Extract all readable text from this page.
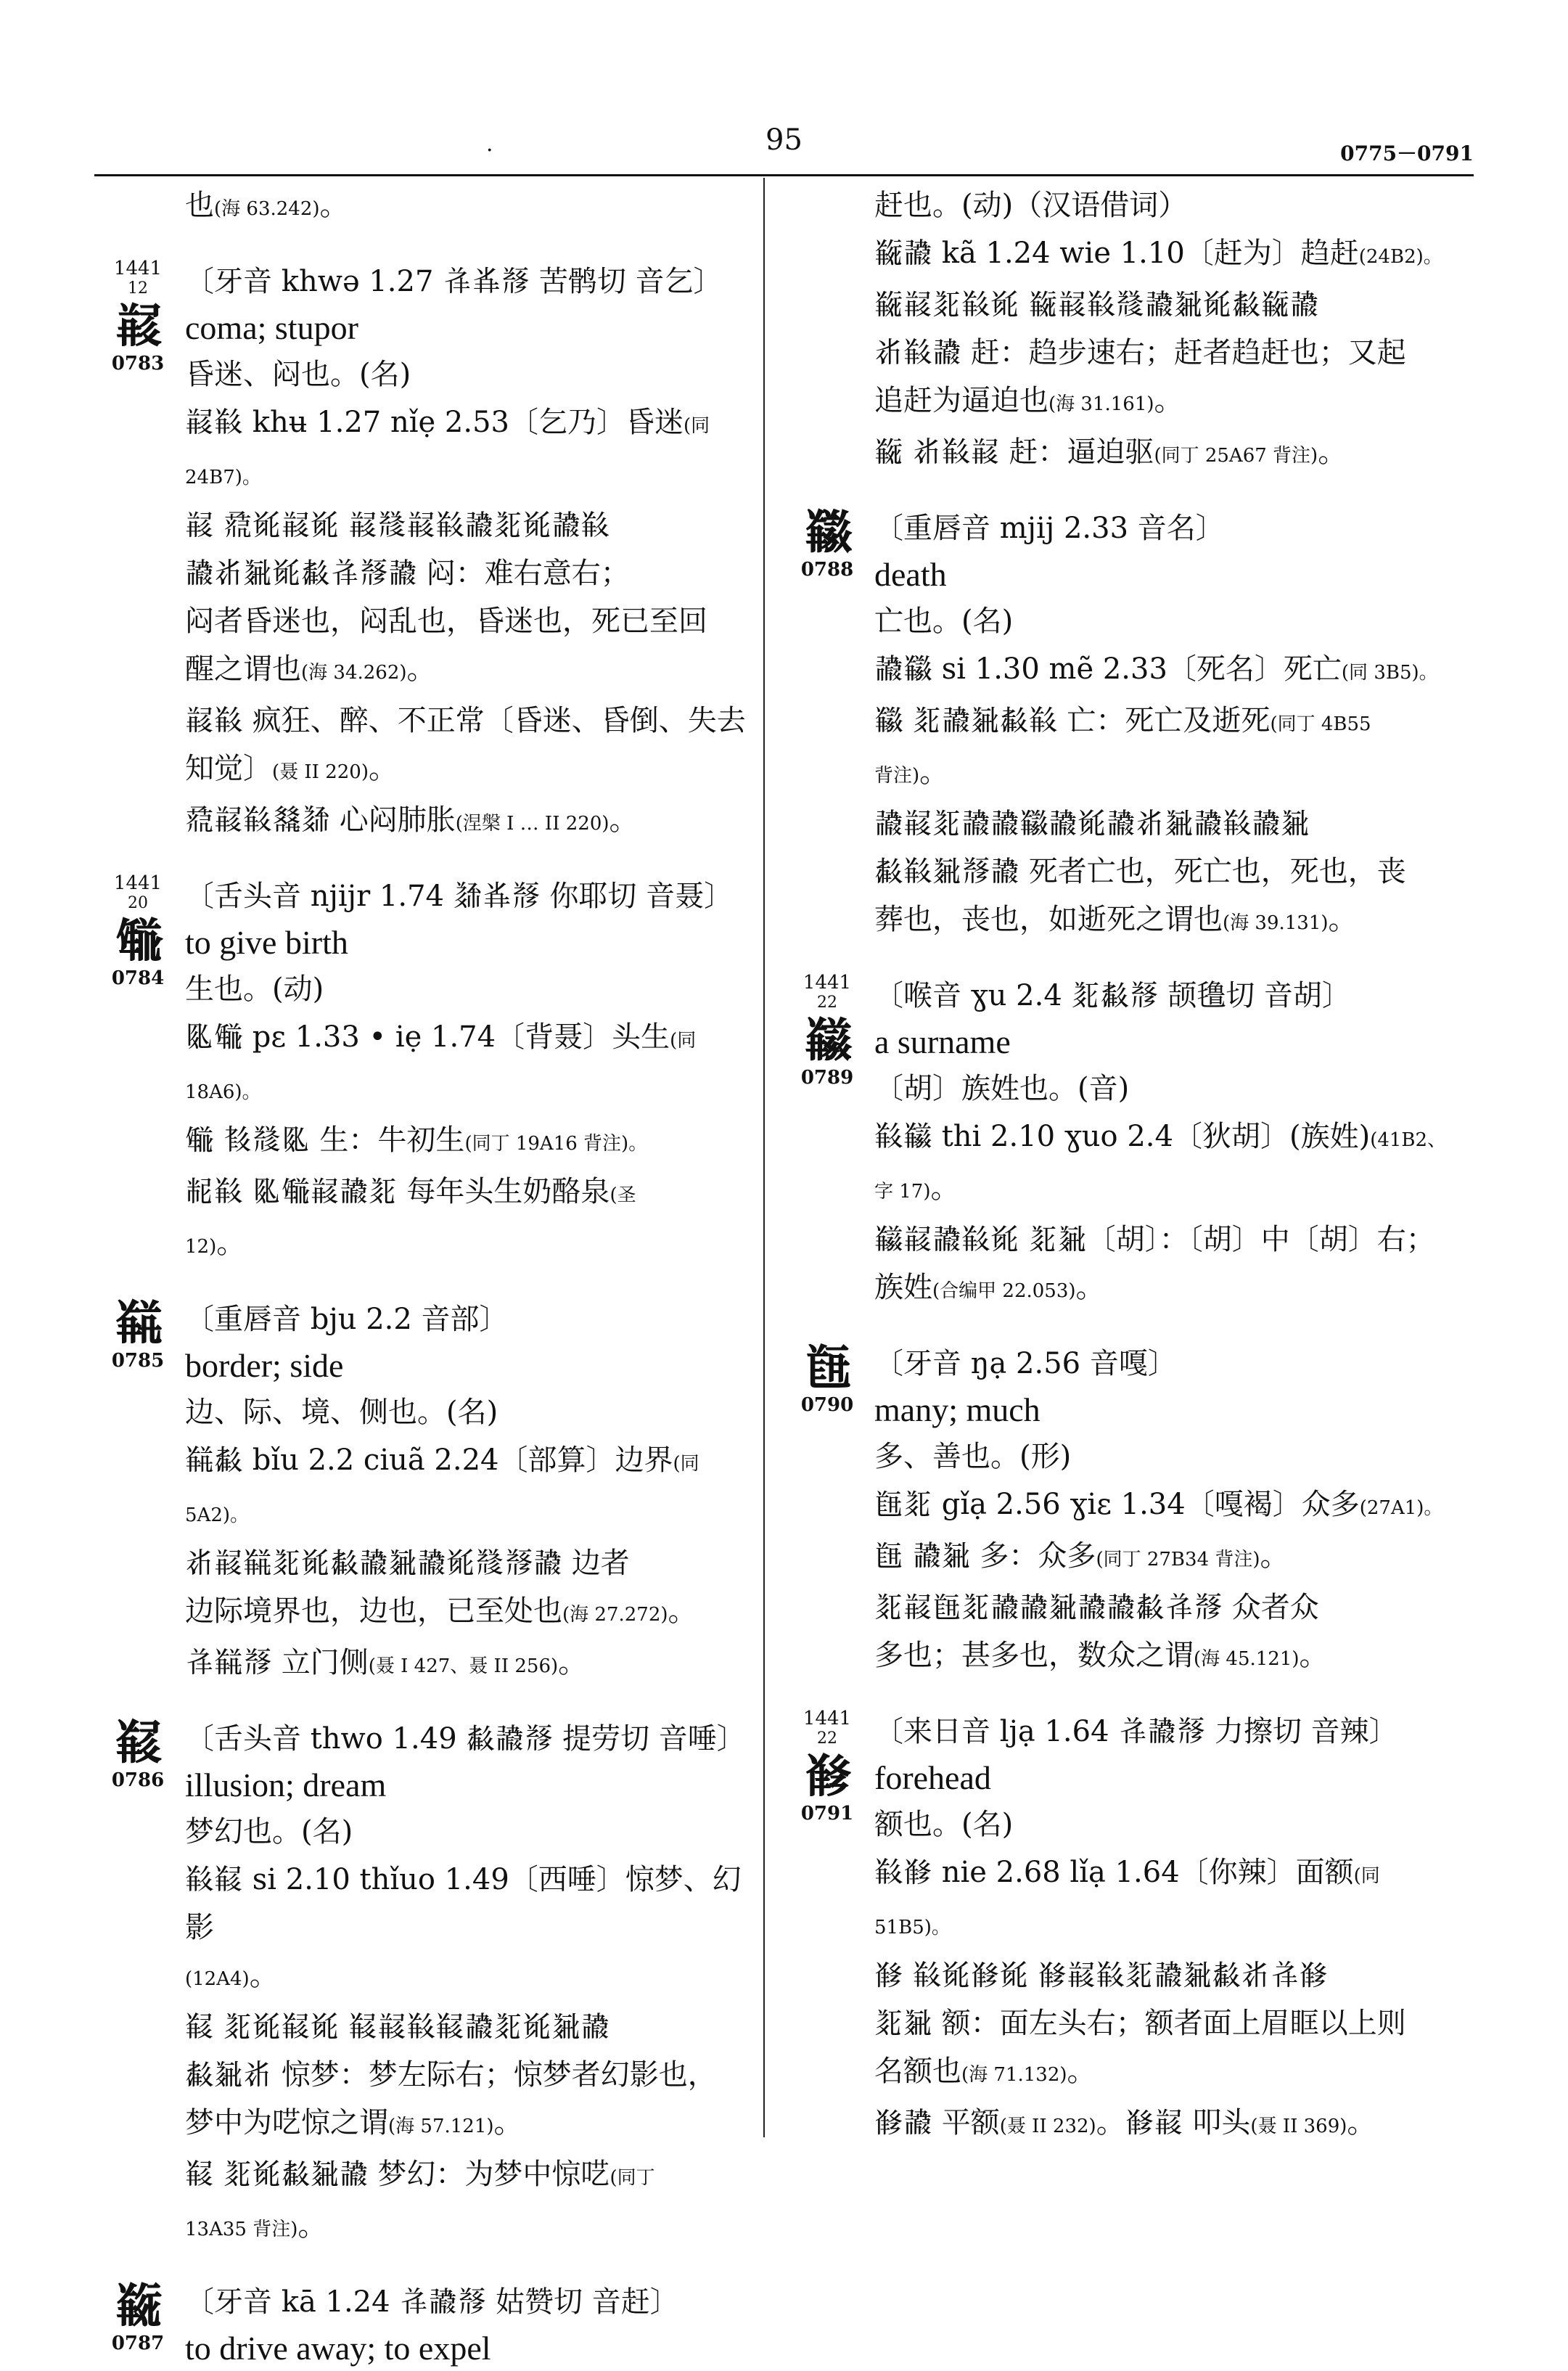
·	95	0775－0791

也(海 63.242)。

1441
12
𘕣
0783

〔牙音 khwə 1.27 𘗐𘕰𘃡 苦鹘切 音乞〕

coma; stupor

昏迷、闷也。(名)

𘕣𘕤 khʉ 1.27 nǐẹ 2.53〔乞乃〕昏迷(同 24B7)。

𘕣 𘟣𘍞𘕣𘍞 𘕣𘃪𘕣𘕤𘄒𘎧𘍞𘄒𘕤

𘄒𘂆𘏣𘍞𘓁𘗐𘃡𘄒 闷：难右意右；

闷者昏迷也，闷乱也，昏迷也，死已至回

醒之谓也(海 34.262)。

𘕣𘕤 疯狂、醉、不正常〔昏迷、昏倒、失去

知觉〕(聂 II 220)。

𘟣𘕣𘕤𘔿𘏞 心闷肺胀(涅槃 I … II 220)。

1441
20
𘓞
0784

〔舌头音 njijr 1.74 𘏞𘕰𘃡 你耶切 音聂〕

to give birth

生也。(动)

𘉞𘓞 pɛ 1.33 • iẹ 1.74〔背聂〕头生(同 18A6)。

𘓞 𘆖𘃪𘉞 生：牛初生(同丁 19A16 背注)。

𘋞𘕤 𘉞𘓞𘕣𘄒𘎧 每年头生奶酪泉(圣

12)。

𘕥
0785

〔重唇音 bju 2.2 音部〕

border; side

边、际、境、侧也。(名)

𘕥𘓁 bǐu 2.2 ciuã 2.24〔部算〕边界(同 5A2)。

𘂆𘕣𘕥𘎧𘍞𘓁𘄒𘏣𘄒𘍞𘃪𘃡𘄒 边者

边际境界也，边也，已至处也(海 27.272)。

𘗐𘕥𘃡 立门侧(聂 I 427、聂 II 256)。

𘕦
0786

〔舌头音 thwo 1.49 𘓁𘄒𘃡 提劳切 音唾〕

illusion; dream

梦幻也。(名)

𘕤𘕦 si 2.10 thǐuo 1.49〔西唾〕惊梦、幻影

(12A4)。

𘕦 𘎧𘍞𘕦𘍞 𘕦𘕣𘕤𘕦𘄒𘎧𘍞𘏣𘄒

𘓁𘏣𘂆 惊梦：梦左际右；惊梦者幻影也，

梦中为呓惊之谓(海 57.121)。

𘕦 𘎧𘍞𘓁𘏣𘄒 梦幻：为梦中惊呓(同丁

13A35 背注)。

𘕧
0787

〔牙音 kā 1.24 𘗐𘄒𘃡 姑赞切 音赶〕

to drive away; to expel

赶也。(动)（汉语借词）

𘕧𘄒 kã 1.24 wie 1.10〔赶为〕趋赶(24B2)。

𘕧𘕣𘎧𘕤𘍞 𘕧𘕣𘕤𘃪𘄒𘏣𘍞𘓁𘕧𘄒

𘂆𘕤𘄒 赶：趋步速右；赶者趋赶也；又起

追赶为逼迫也(海 31.161)。

𘕧 𘂆𘕤𘕣 赶：逼迫驱(同丁 25A67 背注)。

𘕨
0788

〔重唇音 mjij 2.33 音名〕

death

亡也。(名)

𘄒𘕨 si 1.30 mẽ 2.33〔死名〕死亡(同 3B5)。

𘕨 𘎧𘄒𘏣𘓁𘕤 亡：死亡及逝死(同丁 4B55

背注)。

𘄒𘕣𘎧𘄒𘄒𘕨𘄒𘍞𘄒𘂆𘏣𘄒𘕤𘄒𘏣

𘓁𘕤𘏣𘃡𘄒 死者亡也，死亡也，死也，丧

葬也，丧也，如逝死之谓也(海 39.131)。

1441
22
𘕩
0789

〔喉音 ɣu 2.4 𘎧𘓁𘃡 颉氇切 音胡〕

a surname

〔胡〕族姓也。(音)

𘕤𘕩 thi 2.10 ɣuo 2.4〔狄胡〕(族姓)(41B2、

字 17)。

𘕩𘕣𘄒𘕤𘍞 𘎧𘏣〔胡〕：〔胡〕中〔胡〕右；

族姓(合编甲 22.053)。

𘕪
0790

〔牙音 ŋạ 2.56 音嘎〕

many; much

多、善也。(形)

𘕪𘎧 gǐạ 2.56 ɣiɛ 1.34〔嘎褐〕众多(27A1)。

𘕪 𘄒𘏣 多：众多(同丁 27B34 背注)。

𘎧𘕣𘕪𘎧𘄒𘄒𘏣𘄒𘄒𘓁𘗐𘃡 众者众

多也；甚多也，数众之谓(海 45.121)。

1441
22
𘕫
0791

〔来日音 ljạ 1.64 𘗐𘄒𘃡 力擦切 音辣〕

forehead

额也。(名)

𘕤𘕫 nie 2.68 lǐạ 1.64〔你辣〕面额(同 51B5)。

𘕫 𘕤𘍞𘕫𘍞 𘕫𘕣𘕤𘎧𘄒𘏣𘓁𘂆𘗐𘕫

𘎧𘏣 额：面左头右；额者面上眉眶以上则

名额也(海 71.132)。

𘕫𘄒 平额(聂 II 232)。𘕫𘕣 叩头(聂 II 369)。
